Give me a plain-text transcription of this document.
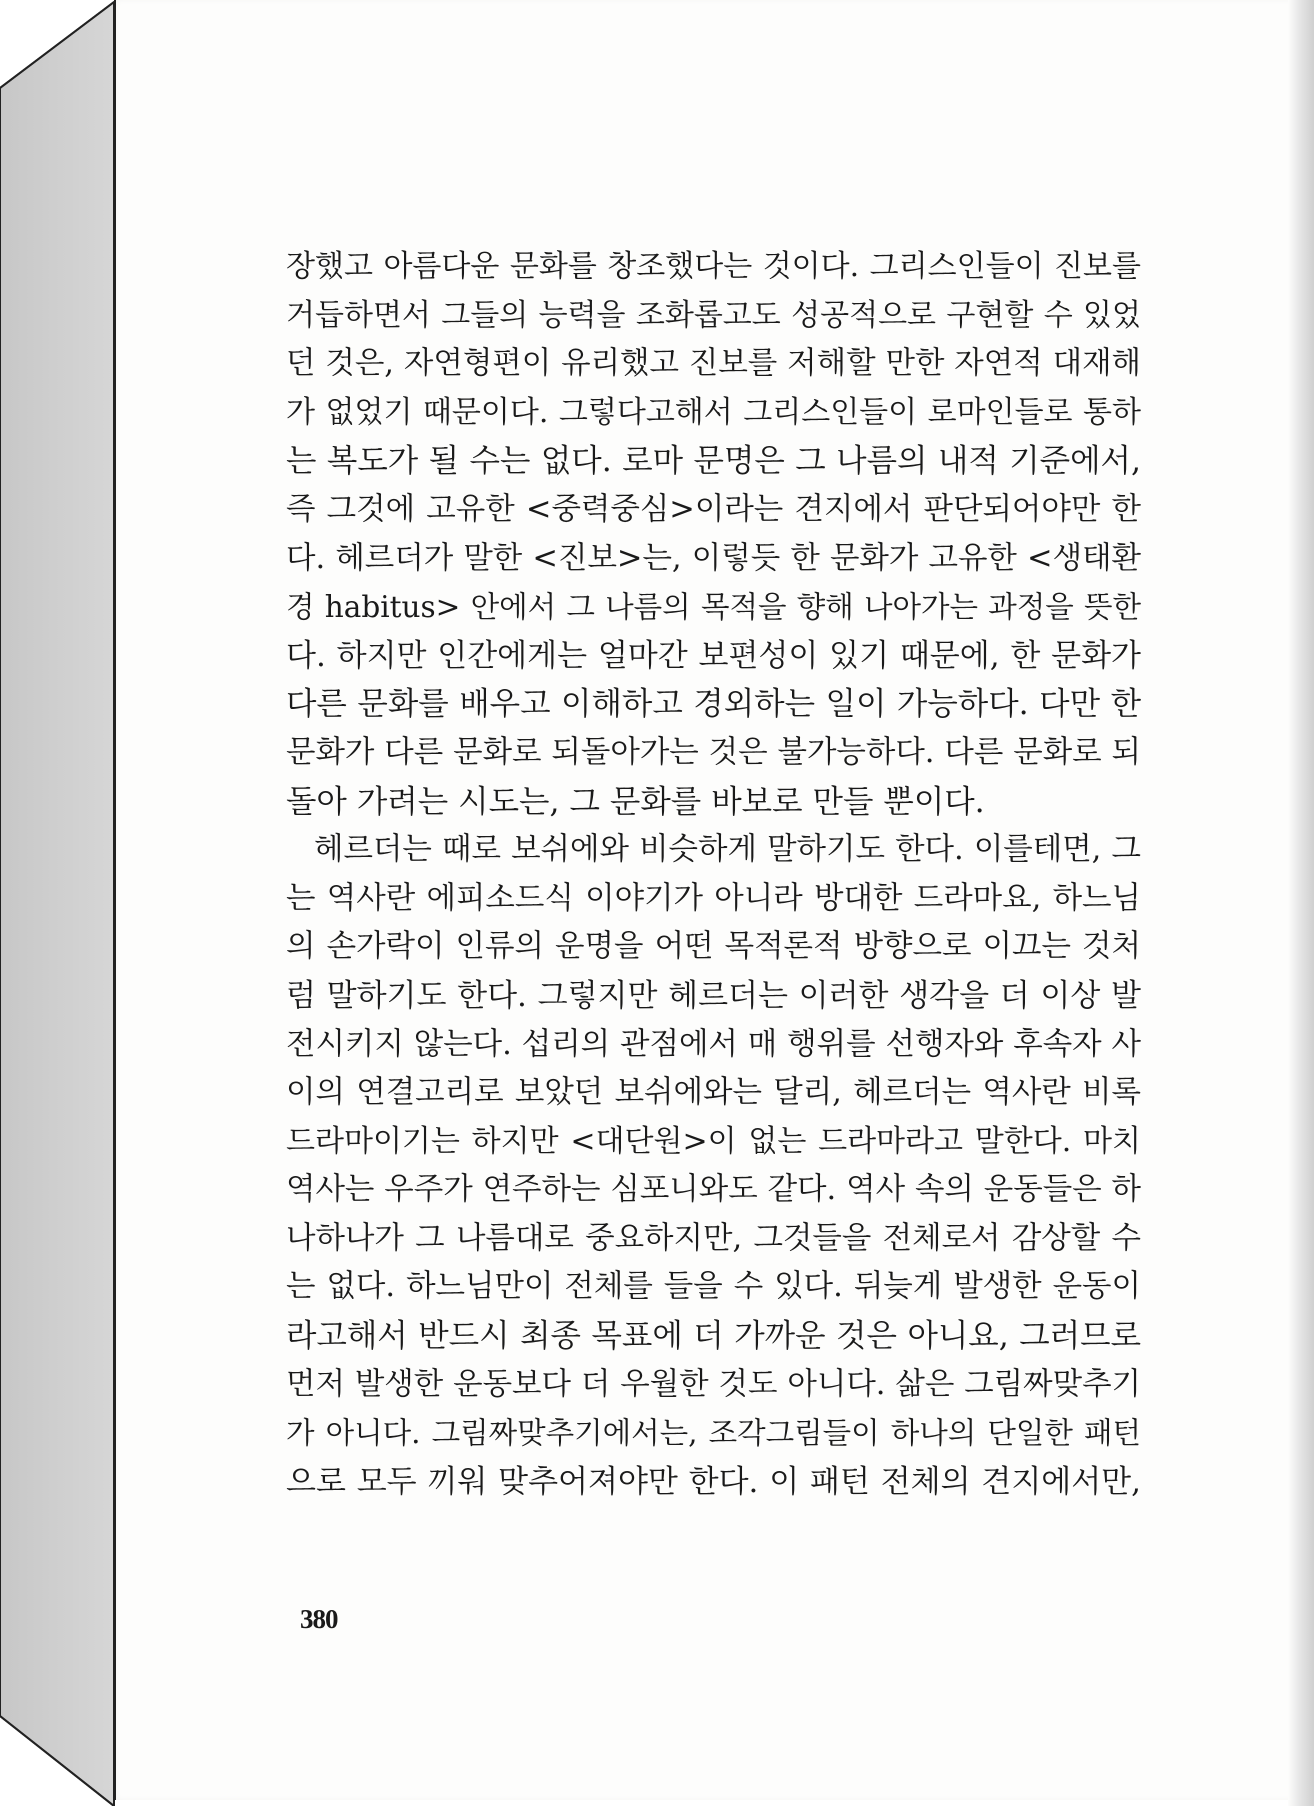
장했고 아름다운 문화를 창조했다는 것이다. 그리스인들이 진보를
거듭하면서 그들의 능력을 조화롭고도 성공적으로 구현할 수 있었
던 것은, 자연형편이 유리했고 진보를 저해할 만한 자연적 대재해
가 없었기 때문이다. 그렇다고해서 그리스인들이 로마인들로 통하
는 복도가 될 수는 없다. 로마 문명은 그 나름의 내적 기준에서,
즉 그것에 고유한 <중력중심>이라는 견지에서 판단되어야만 한
다. 헤르더가 말한 <진보>는, 이렇듯 한 문화가 고유한 <생태환
경 habitus> 안에서 그 나름의 목적을 향해 나아가는 과정을 뜻한
다. 하지만 인간에게는 얼마간 보편성이 있기 때문에, 한 문화가
다른 문화를 배우고 이해하고 경외하는 일이 가능하다. 다만 한
문화가 다른 문화로 되돌아가는 것은 불가능하다. 다른 문화로 되
돌아 가려는 시도는, 그 문화를 바보로 만들 뿐이다.
헤르더는 때로 보쉬에와 비슷하게 말하기도 한다. 이를테면, 그
는 역사란 에피소드식 이야기가 아니라 방대한 드라마요, 하느님
의 손가락이 인류의 운명을 어떤 목적론적 방향으로 이끄는 것처
럼 말하기도 한다. 그렇지만 헤르더는 이러한 생각을 더 이상 발
전시키지 않는다. 섭리의 관점에서 매 행위를 선행자와 후속자 사
이의 연결고리로 보았던 보쉬에와는 달리, 헤르더는 역사란 비록
드라마이기는 하지만 <대단원>이 없는 드라마라고 말한다. 마치
역사는 우주가 연주하는 심포니와도 같다. 역사 속의 운동들은 하
나하나가 그 나름대로 중요하지만, 그것들을 전체로서 감상할 수
는 없다. 하느님만이 전체를 들을 수 있다. 뒤늦게 발생한 운동이
라고해서 반드시 최종 목표에 더 가까운 것은 아니요, 그러므로
먼저 발생한 운동보다 더 우월한 것도 아니다. 삶은 그림짜맞추기
가 아니다. 그림짜맞추기에서는, 조각그림들이 하나의 단일한 패턴
으로 모두 끼워 맞추어져야만 한다. 이 패턴 전체의 견지에서만,
380
